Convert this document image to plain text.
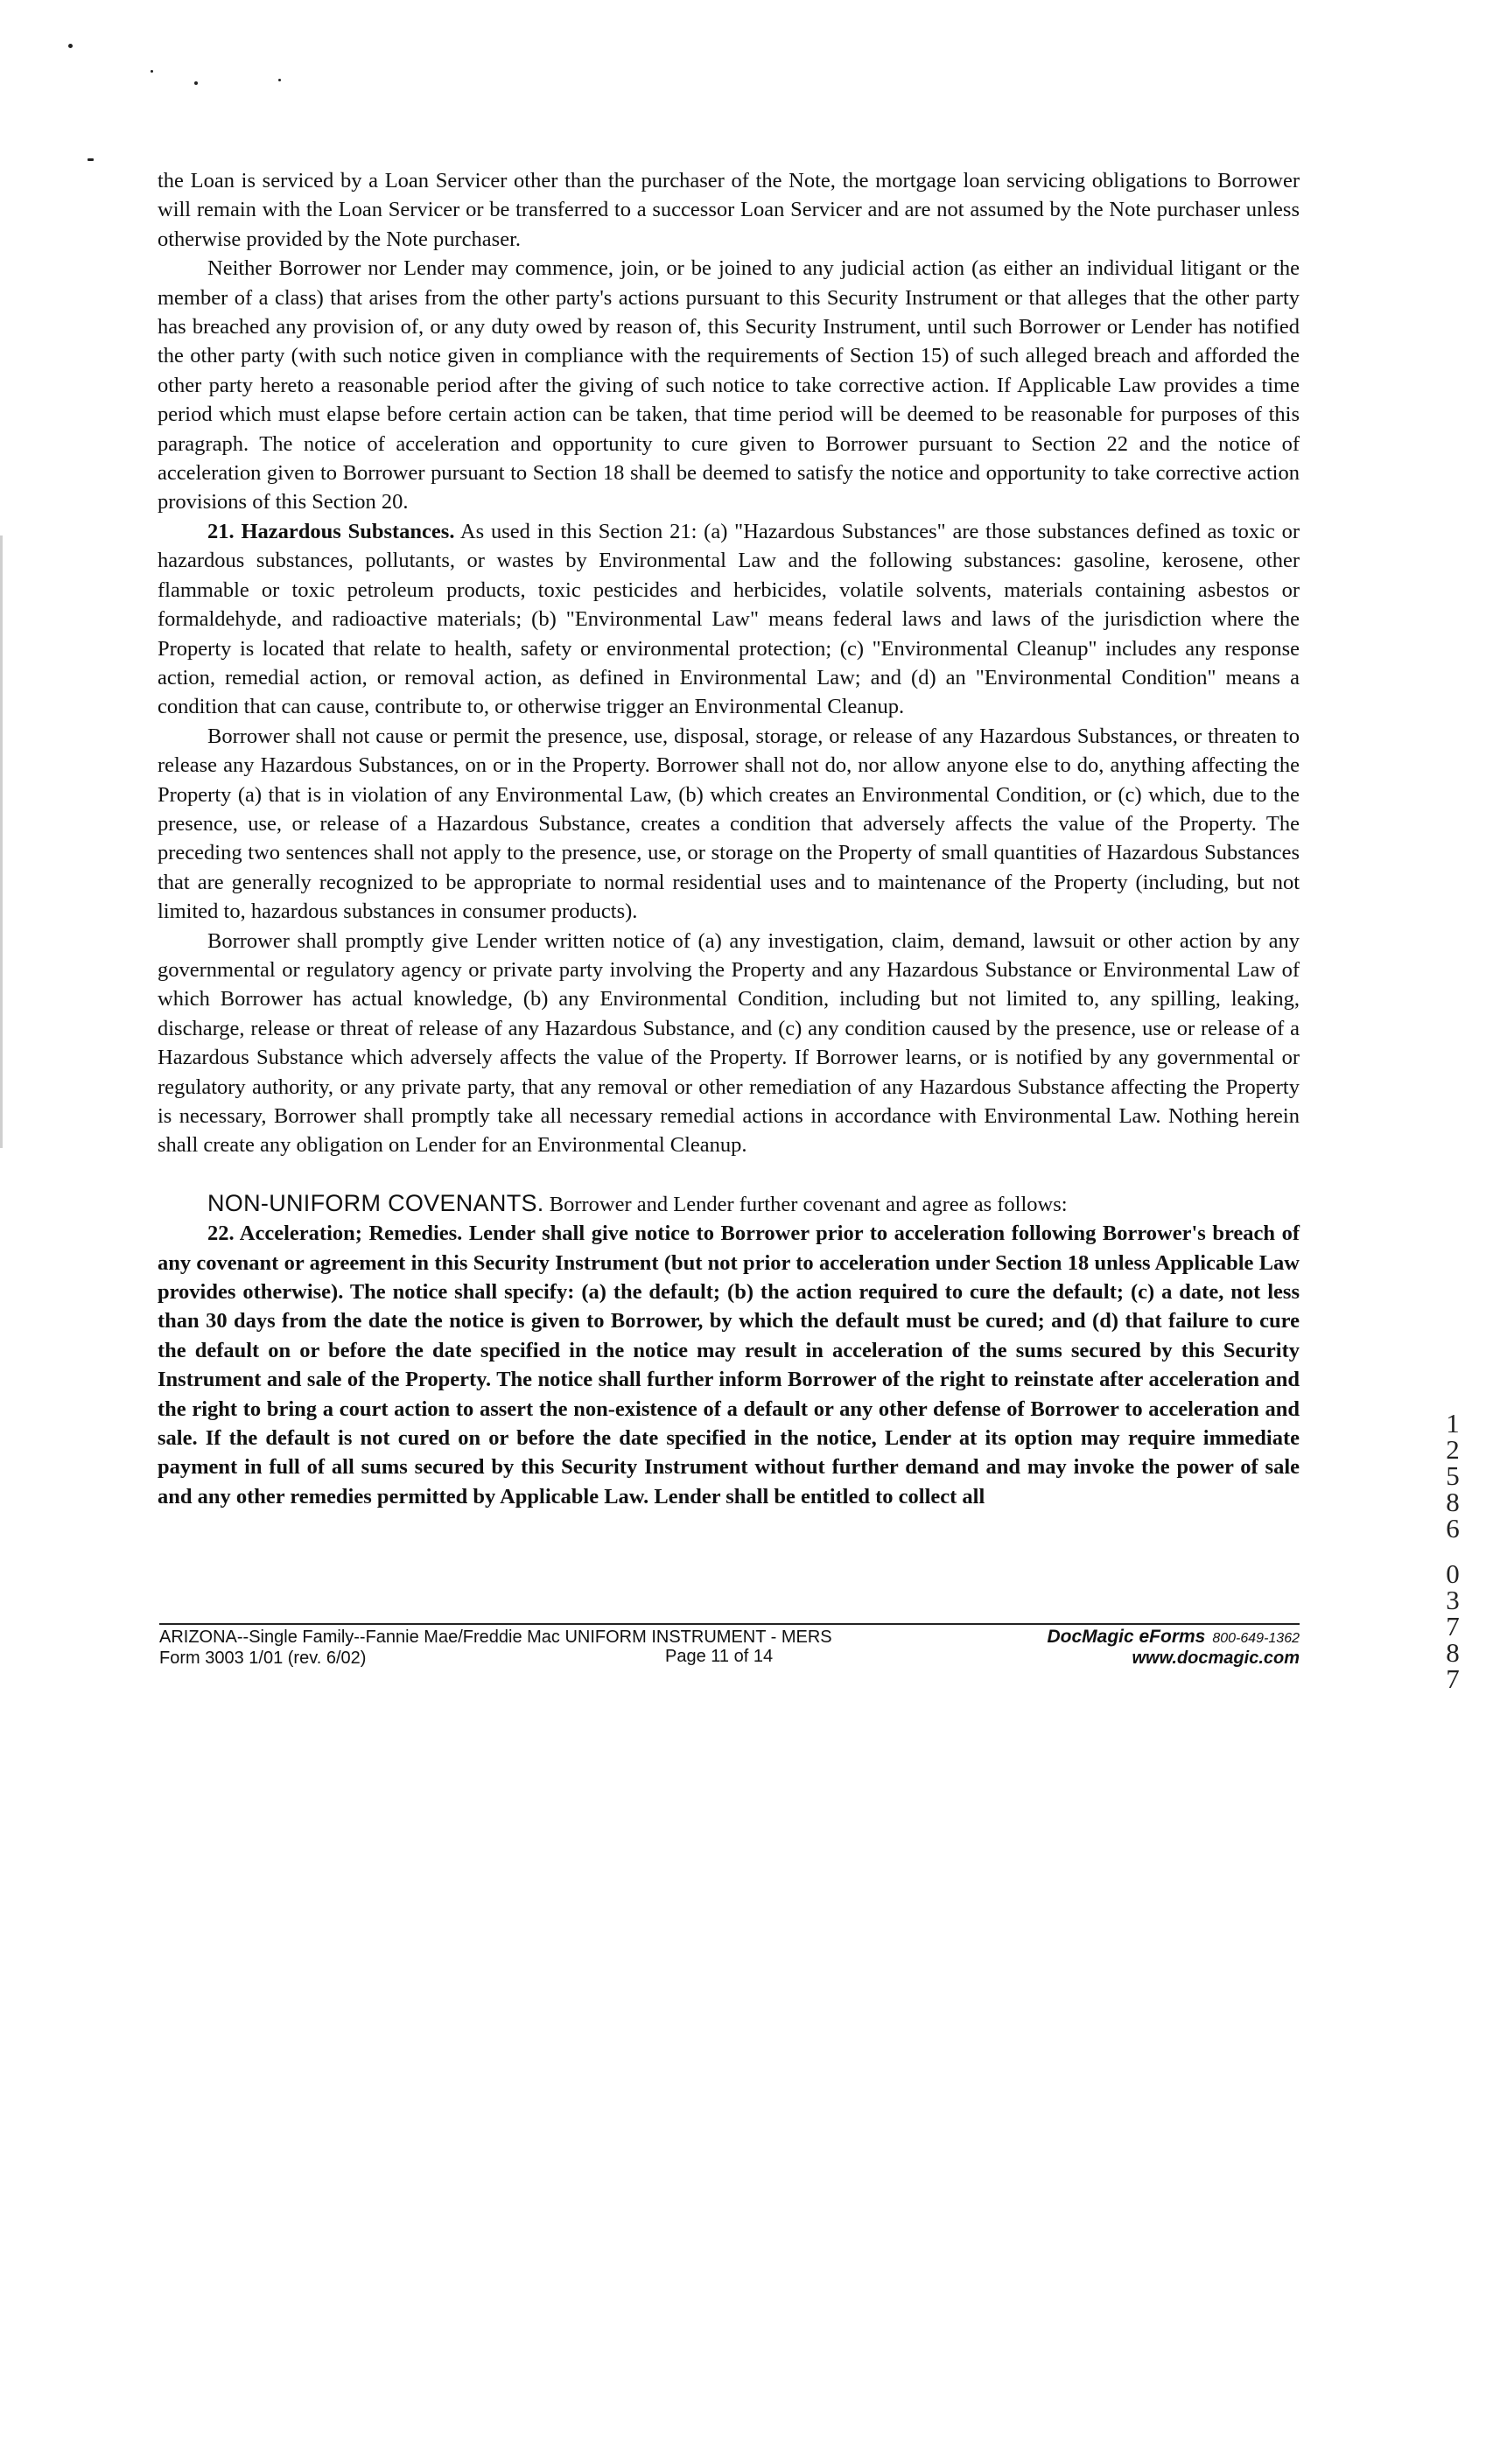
the Loan is serviced by a Loan Servicer other than the purchaser of the Note, the mortgage loan servicing obligations to Borrower will remain with the Loan Servicer or be transferred to a successor Loan Servicer and are not assumed by the Note purchaser unless otherwise provided by the Note purchaser.

Neither Borrower nor Lender may commence, join, or be joined to any judicial action (as either an individual litigant or the member of a class) that arises from the other party's actions pursuant to this Security Instrument or that alleges that the other party has breached any provision of, or any duty owed by reason of, this Security Instrument, until such Borrower or Lender has notified the other party (with such notice given in compliance with the requirements of Section 15) of such alleged breach and afforded the other party hereto a reasonable period after the giving of such notice to take corrective action. If Applicable Law provides a time period which must elapse before certain action can be taken, that time period will be deemed to be reasonable for purposes of this paragraph. The notice of acceleration and opportunity to cure given to Borrower pursuant to Section 22 and the notice of acceleration given to Borrower pursuant to Section 18 shall be deemed to satisfy the notice and opportunity to take corrective action provisions of this Section 20.

21. Hazardous Substances. As used in this Section 21: (a) "Hazardous Substances" are those substances defined as toxic or hazardous substances, pollutants, or wastes by Environmental Law and the following substances: gasoline, kerosene, other flammable or toxic petroleum products, toxic pesticides and herbicides, volatile solvents, materials containing asbestos or formaldehyde, and radioactive materials; (b) "Environmental Law" means federal laws and laws of the jurisdiction where the Property is located that relate to health, safety or environmental protection; (c) "Environmental Cleanup" includes any response action, remedial action, or removal action, as defined in Environmental Law; and (d) an "Environmental Condition" means a condition that can cause, contribute to, or otherwise trigger an Environmental Cleanup.

Borrower shall not cause or permit the presence, use, disposal, storage, or release of any Hazardous Substances, or threaten to release any Hazardous Substances, on or in the Property. Borrower shall not do, nor allow anyone else to do, anything affecting the Property (a) that is in violation of any Environmental Law, (b) which creates an Environmental Condition, or (c) which, due to the presence, use, or release of a Hazardous Substance, creates a condition that adversely affects the value of the Property. The preceding two sentences shall not apply to the presence, use, or storage on the Property of small quantities of Hazardous Substances that are generally recognized to be appropriate to normal residential uses and to maintenance of the Property (including, but not limited to, hazardous substances in consumer products).

Borrower shall promptly give Lender written notice of (a) any investigation, claim, demand, lawsuit or other action by any governmental or regulatory agency or private party involving the Property and any Hazardous Substance or Environmental Law of which Borrower has actual knowledge, (b) any Environmental Condition, including but not limited to, any spilling, leaking, discharge, release or threat of release of any Hazardous Substance, and (c) any condition caused by the presence, use or release of a Hazardous Substance which adversely affects the value of the Property. If Borrower learns, or is notified by any governmental or regulatory authority, or any private party, that any removal or other remediation of any Hazardous Substance affecting the Property is necessary, Borrower shall promptly take all necessary remedial actions in accordance with Environmental Law. Nothing herein shall create any obligation on Lender for an Environmental Cleanup.

NON-UNIFORM COVENANTS. Borrower and Lender further covenant and agree as follows:

22. Acceleration; Remedies. Lender shall give notice to Borrower prior to acceleration following Borrower's breach of any covenant or agreement in this Security Instrument (but not prior to acceleration under Section 18 unless Applicable Law provides otherwise). The notice shall specify: (a) the default; (b) the action required to cure the default; (c) a date, not less than 30 days from the date the notice is given to Borrower, by which the default must be cured; and (d) that failure to cure the default on or before the date specified in the notice may result in acceleration of the sums secured by this Security Instrument and sale of the Property. The notice shall further inform Borrower of the right to reinstate after acceleration and the right to bring a court action to assert the non-existence of a default or any other defense of Borrower to acceleration and sale. If the default is not cured on or before the date specified in the notice, Lender at its option may require immediate payment in full of all sums secured by this Security Instrument without further demand and may invoke the power of sale and any other remedies permitted by Applicable Law. Lender shall be entitled to collect all

ARIZONA--Single Family--Fannie Mae/Freddie Mac UNIFORM INSTRUMENT - MERS	DocMagic eForms 800-649-1362
Form 3003 1/01 (rev. 6/02)	www.docmagic.com
Page 11 of 14
1
2
5
8
6
0
3
7
8
7
